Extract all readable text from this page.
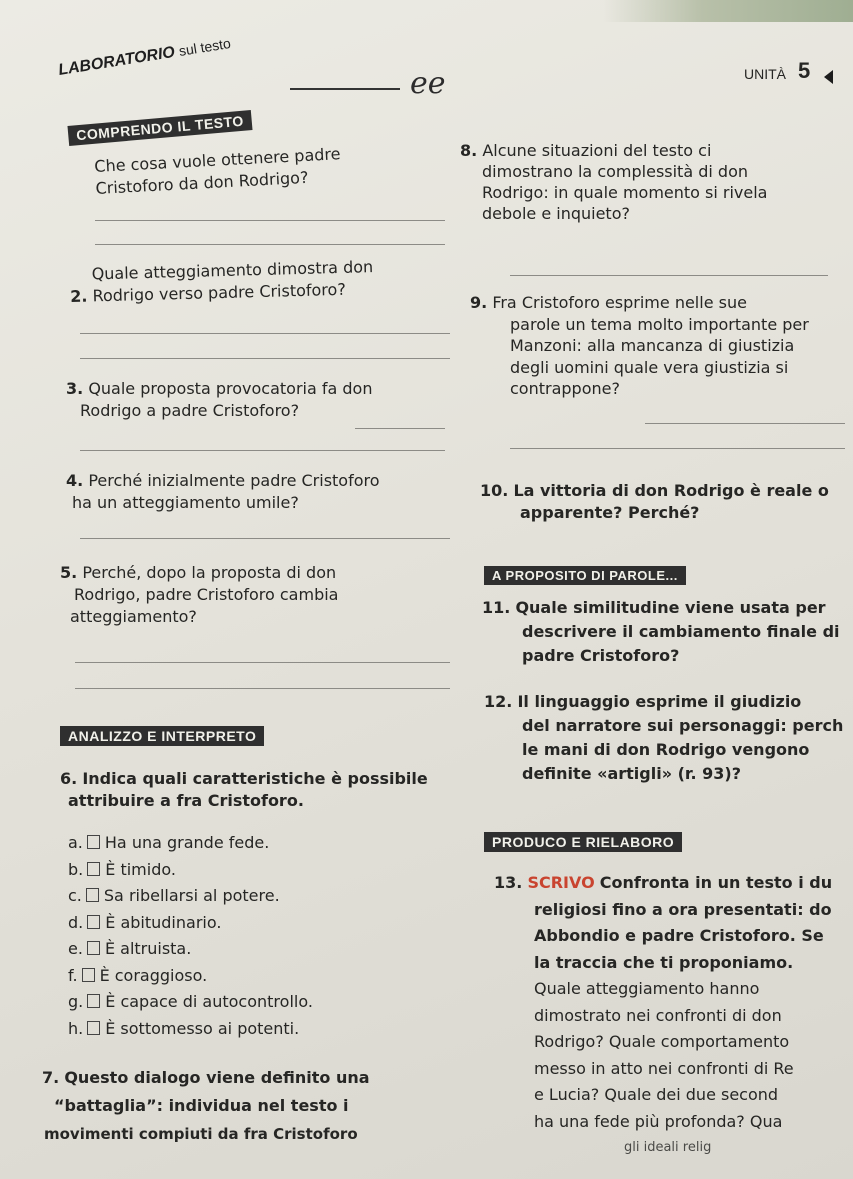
LABORATORIO sul testo
ee	UNITÀ 5
COMPRENDO IL TESTO
Che cosa vuole ottenere padre
Cristoforo da don Rodrigo?
Quale atteggiamento dimostra don
2. Rodrigo verso padre Cristoforo?
3. Quale proposta provocatoria fa don
Rodrigo a padre Cristoforo?
4. Perché inizialmente padre Cristoforo
ha un atteggiamento umile?
5. Perché, dopo la proposta di don
Rodrigo, padre Cristoforo cambia
atteggiamento?
ANALIZZO E INTERPRETO
6. Indica quali caratteristiche è possibile
attribuire a fra Cristoforo.
a. Ha una grande fede.
b. È timido.
c. Sa ribellarsi al potere.
d. È abitudinario.
e. È altruista.
f. È coraggioso.
g. È capace di autocontrollo.
h. È sottomesso ai potenti.
7. Questo dialogo viene definito una
“battaglia”: individua nel testo i
movimenti compiuti da fra Cristoforo
8. Alcune situazioni del testo ci
dimostrano la complessità di don
Rodrigo: in quale momento si rivela
debole e inquieto?
9. Fra Cristoforo esprime nelle sue
parole un tema molto importante per
Manzoni: alla mancanza di giustizia
degli uomini quale vera giustizia si
contrappone?
10. La vittoria di don Rodrigo è reale o
apparente? Perché?
A PROPOSITO DI PAROLE...
11. Quale similitudine viene usata per
descrivere il cambiamento finale di
padre Cristoforo?
12. Il linguaggio esprime il giudizio
del narratore sui personaggi: perch
le mani di don Rodrigo vengono
definite «artigli» (r. 93)?
PRODUCO E RIELABORO
13. SCRIVO Confronta in un testo i du
religiosi fino a ora presentati: do
Abbondio e padre Cristoforo. Se
la traccia che ti proponiamo.
Quale atteggiamento hanno
dimostrato nei confronti di don
Rodrigo? Quale comportamento
messo in atto nei confronti di Re
e Lucia? Quale dei due second
ha una fede più profonda? Qua
gli ideali relig
